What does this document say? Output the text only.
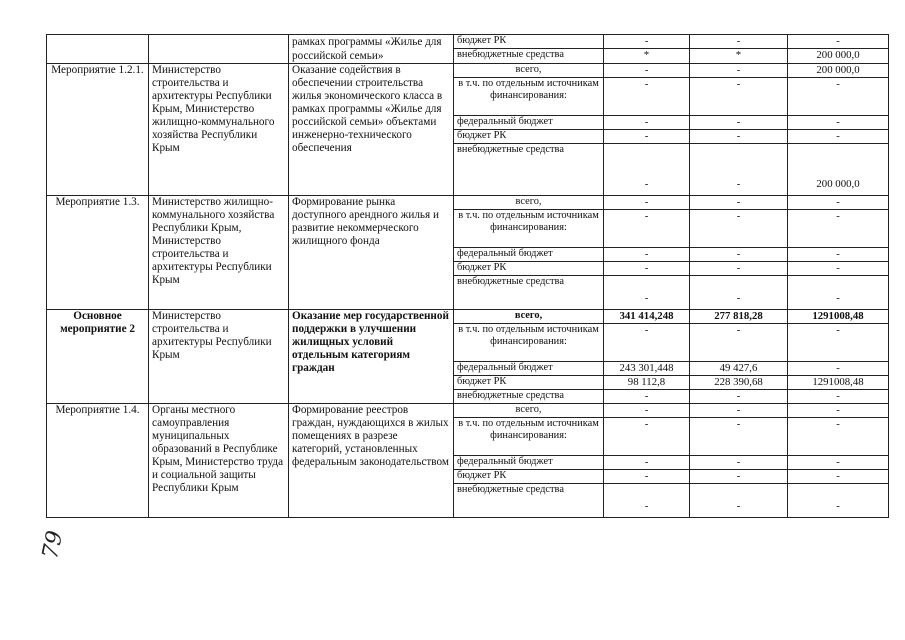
		рамках программы «Жилье для российской семьи»	бюджет РК	-	-	-
			внебюджетные средства	*	*	200 000,0
Мероприятие 1.2.1.	Министерство строительства и архитектуры Республики Крым, Министерство жилищно-коммунального хозяйства Республики Крым	Оказание содействия в обеспечении строительства жилья экономического класса в рамках программы «Жилье для российской семьи» объектами инженерно-технического обеспечения	всего,	-	-	200 000,0
			в т.ч. по отдельным источникам финансирования:	-	-	-
			федеральный бюджет	-	-	-
			бюджет РК	-	-	-
			внебюджетные средства	-	-	200 000,0
Мероприятие 1.3.	Министерство жилищно-коммунального хозяйства Республики Крым, Министерство строительства и архитектуры Республики Крым	Формирование рынка доступного арендного жилья и развитие некоммерческого жилищного фонда	всего,	-	-	-
			в т.ч. по отдельным источникам финансирования:	-	-	-
			федеральный бюджет	-	-	-
			бюджет РК	-	-	-
			внебюджетные средства	-	-	-
Основное мероприятие 2	Министерство строительства и архитектуры Республики Крым	Оказание мер государственной поддержки в улучшении жилищных условий отдельным категориям граждан	всего,	341 414,248	277 818,28	1291008,48
			в т.ч. по отдельным источникам финансирования:	-	-	-
			федеральный бюджет	243 301,448	49 427,6	-
			бюджет РК	98 112,8	228 390,68	1291008,48
			внебюджетные средства	-	-	-
Мероприятие 1.4.	Органы местного самоуправления муниципальных образований в Республике Крым, Министерство труда и социальной защиты Республики Крым	Формирование реестров граждан, нуждающихся в жилых помещениях в разрезе категорий, установленных федеральным законодательством	всего,	-	-	-
			в т.ч. по отдельным источникам финансирования:	-	-	-
			федеральный бюджет	-	-	-
			бюджет РК	-	-	-
			внебюджетные средства	-	-	-
79
